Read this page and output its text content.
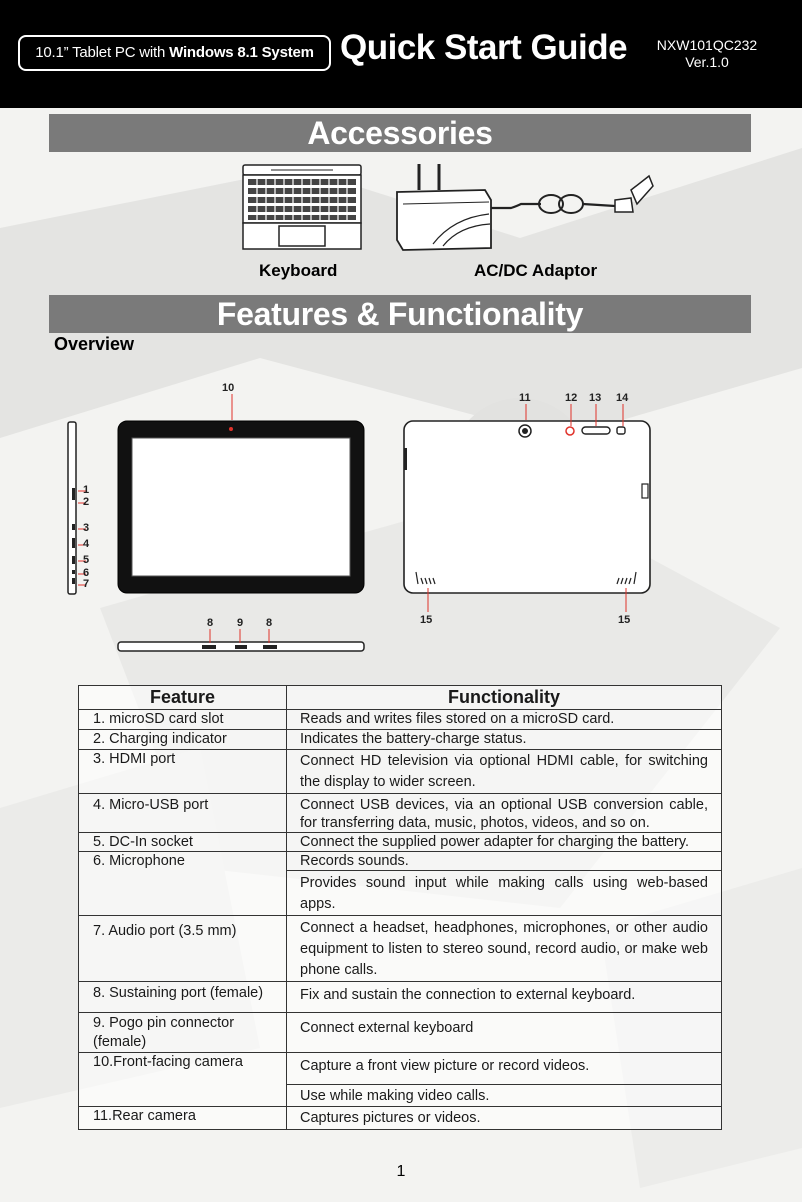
10.1” Tablet PC with Windows 8.1 System Quick Start Guide	NXW101QC232
Ver.1.0
Accessories
Keyboard	AC/DC Adaptor
Features & Functionality
Overview
1
2
3
4
5
6
7
10
8 9 8
11	12 13 14
15	15
Feature	Functionality
1. microSD card slot	Reads and writes files stored on a microSD card.

2. Charging indicator	Indicates the battery-charge status.

3. HDMI port	Connect HD television via optional HDMI cable, for switching the display to wider screen.

4. Micro-USB port	Connect USB devices, via an optional USB conversion cable, for transferring data, music, photos, videos, and so on.

5. DC-In socket	Connect the supplied power adapter for charging the battery.

6. Microphone	Records sounds.
Provides sound input while making calls using web-based apps.

7. Audio port (3.5 mm)	Connect a headset, headphones, microphones, or other audio equipment to listen to stereo sound, record audio, or make web phone calls.

8. Sustaining port (female)	Fix and sustain the connection to external keyboard.

9. Pogo pin connector (female)	Connect external keyboard

10.Front-facing camera	Capture a front view picture or record videos.
Use while making video calls.

11.Rear camera	Captures pictures or videos.
1
